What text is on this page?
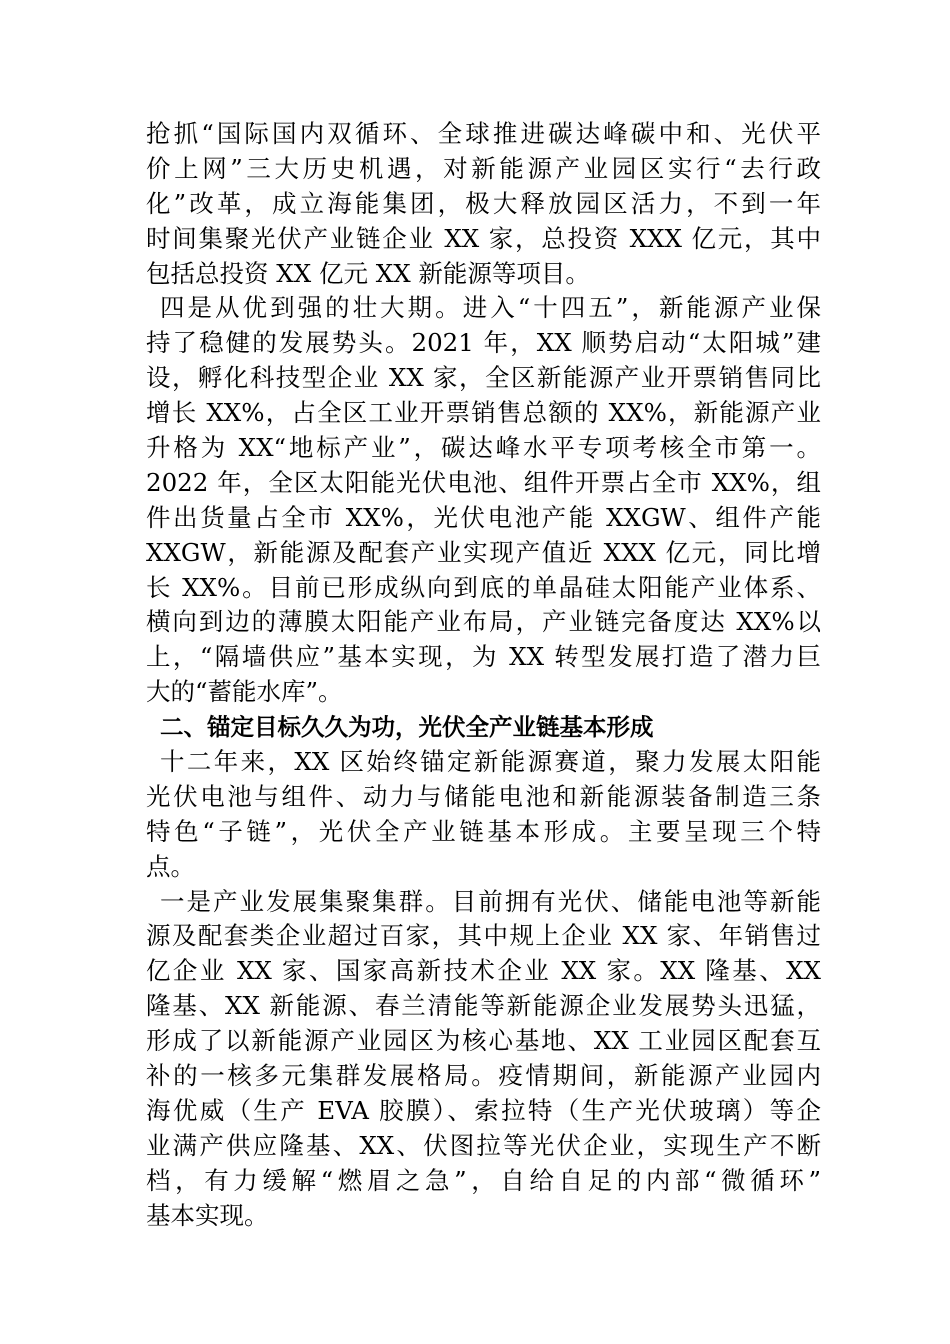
抢抓“国际国内双循环、全球推进碳达峰碳中和、光伏平
价上网”三大历史机遇，对新能源产业园区实行“去行政
化”改革，成立海能集团，极大释放园区活力，不到一年
时间集聚光伏产业链企业 XX 家，总投资 XXX 亿元，其中
包括总投资 XX 亿元 XX 新能源等项目。
四是从优到强的壮大期。进入“十四五”，新能源产业保
持了稳健的发展势头。2021 年，XX 顺势启动“太阳城”建
设，孵化科技型企业 XX 家，全区新能源产业开票销售同比
增长 XX%，占全区工业开票销售总额的 XX%，新能源产业
升格为 XX“地标产业”，碳达峰水平专项考核全市第一。
2022 年，全区太阳能光伏电池、组件开票占全市 XX%，组
件出货量占全市 XX%，光伏电池产能 XXGW、组件产能
XXGW，新能源及配套产业实现产值近 XXX 亿元，同比增
长 XX%。目前已形成纵向到底的单晶硅太阳能产业体系、
横向到边的薄膜太阳能产业布局，产业链完备度达 XX%以
上，“隔墙供应”基本实现，为 XX 转型发展打造了潜力巨
大的“蓄能水库”。
二、锚定目标久久为功，光伏全产业链基本形成
十二年来，XX 区始终锚定新能源赛道，聚力发展太阳能
光伏电池与组件、动力与储能电池和新能源装备制造三条
特色“子链”，光伏全产业链基本形成。主要呈现三个特
点。
一是产业发展集聚集群。目前拥有光伏、储能电池等新能
源及配套类企业超过百家，其中规上企业 XX 家、年销售过
亿企业 XX 家、国家高新技术企业 XX 家。XX 隆基、XX
隆基、XX 新能源、春兰清能等新能源企业发展势头迅猛，
形成了以新能源产业园区为核心基地、XX 工业园区配套互
补的一核多元集群发展格局。疫情期间，新能源产业园内
海优威（生产 EVA 胶膜）、索拉特（生产光伏玻璃）等企
业满产供应隆基、XX、伏图拉等光伏企业，实现生产不断
档，有力缓解“燃眉之急”，自给自足的内部“微循环”
基本实现。
